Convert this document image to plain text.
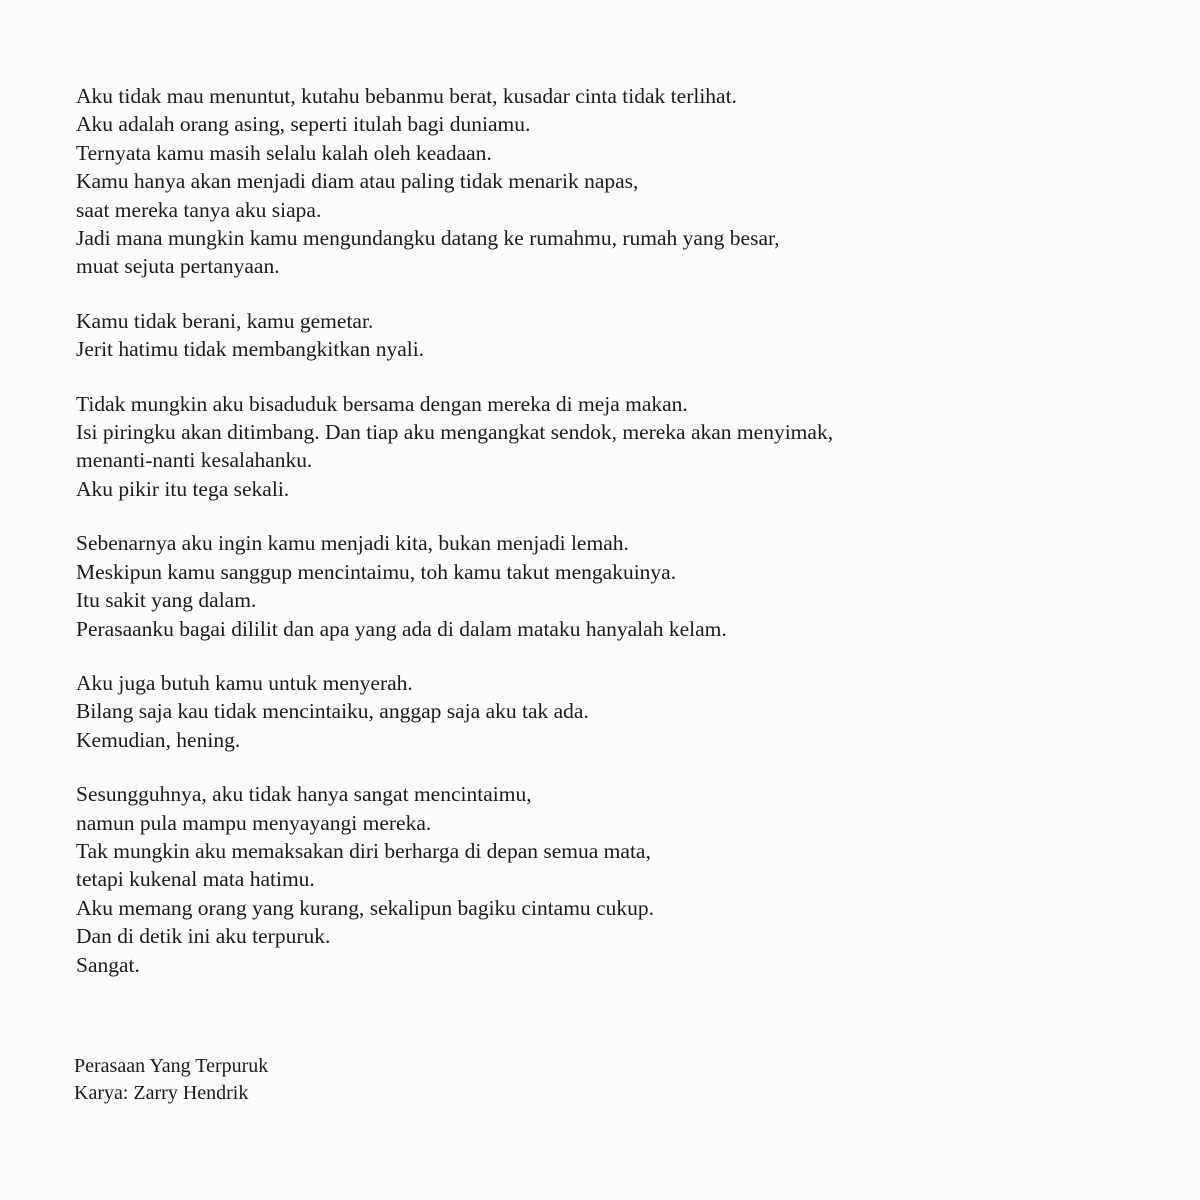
Aku tidak mau menuntut, kutahu bebanmu berat, kusadar cinta tidak terlihat.
Aku adalah orang asing, seperti itulah bagi duniamu.
Ternyata kamu masih selalu kalah oleh keadaan.
Kamu hanya akan menjadi diam atau paling tidak menarik napas,
saat mereka tanya aku siapa.
Jadi mana mungkin kamu mengundangku datang ke rumahmu, rumah yang besar,
muat sejuta pertanyaan.
Kamu tidak berani, kamu gemetar.
Jerit hatimu tidak membangkitkan nyali.
Tidak mungkin aku bisaduduk bersama dengan mereka di meja makan.
Isi piringku akan ditimbang. Dan tiap aku mengangkat sendok, mereka akan menyimak,
menanti-nanti kesalahanku.
Aku pikir itu tega sekali.
Sebenarnya aku ingin kamu menjadi kita, bukan menjadi lemah.
Meskipun kamu sanggup mencintaimu, toh kamu takut mengakuinya.
Itu sakit yang dalam.
Perasaanku bagai dililit dan apa yang ada di dalam mataku hanyalah kelam.
Aku juga butuh kamu untuk menyerah.
Bilang saja kau tidak mencintaiku, anggap saja aku tak ada.
Kemudian, hening.
Sesungguhnya, aku tidak hanya sangat mencintaimu,
namun pula mampu menyayangi mereka.
Tak mungkin aku memaksakan diri berharga di depan semua mata,
tetapi kukenal mata hatimu.
Aku memang orang yang kurang, sekalipun bagiku cintamu cukup.
Dan di detik ini aku terpuruk.
Sangat.
Perasaan Yang Terpuruk
Karya: Zarry Hendrik
